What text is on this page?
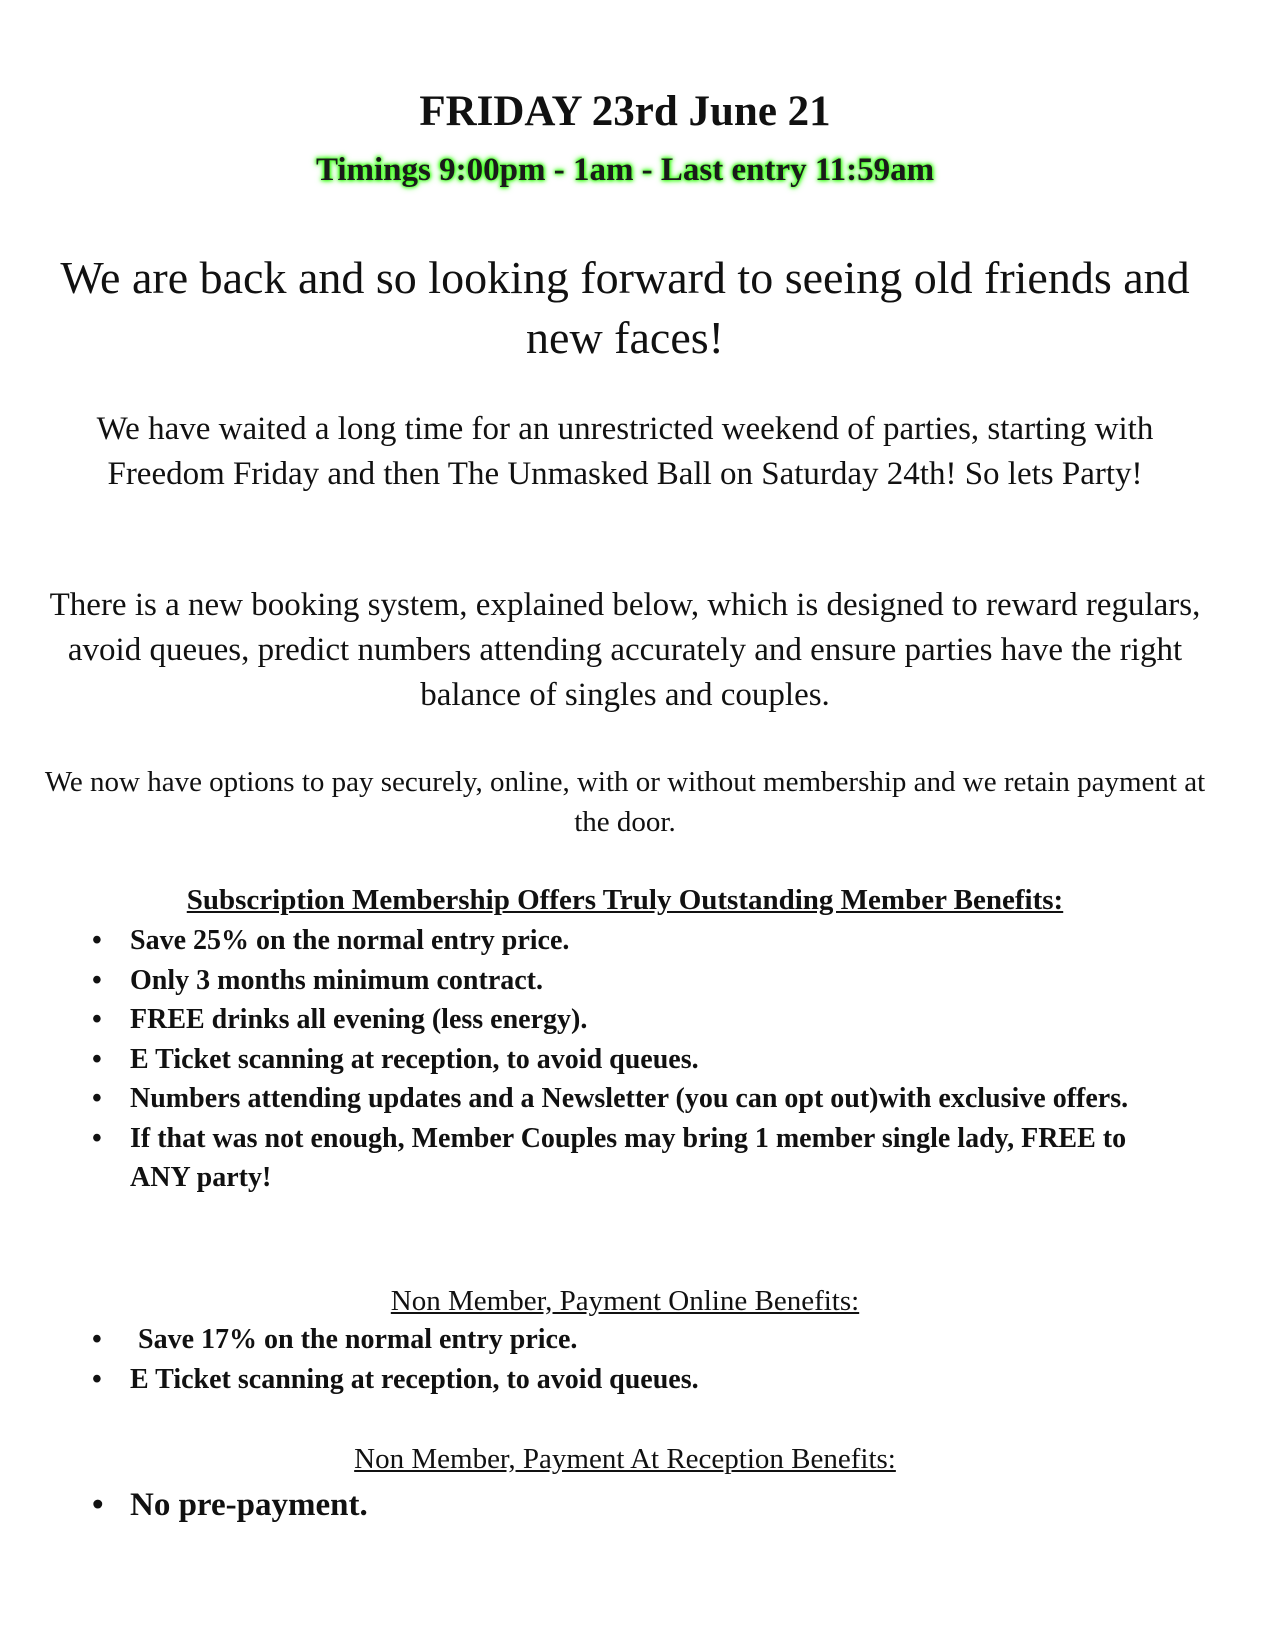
FRIDAY 23rd June 21
Timings 9:00pm - 1am - Last entry 11:59am
We are back and so looking forward to seeing old friends and new faces!
We have waited a long time for an unrestricted weekend of parties, starting with Freedom Friday and then The Unmasked Ball on Saturday 24th! So lets Party!
There is a new booking system, explained below, which is designed to reward regulars, avoid queues, predict numbers attending accurately and ensure parties have the right balance of singles and couples.
We now have options to pay securely, online, with or without membership and we retain payment at the door.
Subscription Membership Offers Truly Outstanding Member Benefits:
• Save 25% on the normal entry price.
• Only 3 months minimum contract.
• FREE drinks all evening (less energy).
• E Ticket scanning at reception, to avoid queues.
• Numbers attending updates and a Newsletter (you can opt out)with exclusive offers.
• If that was not enough, Member Couples may bring 1 member single lady, FREE to ANY party!
Non Member, Payment Online Benefits:
• Save 17% on the normal entry price.
• E Ticket scanning at reception, to avoid queues.
Non Member, Payment At Reception Benefits:
• No pre-payment.
